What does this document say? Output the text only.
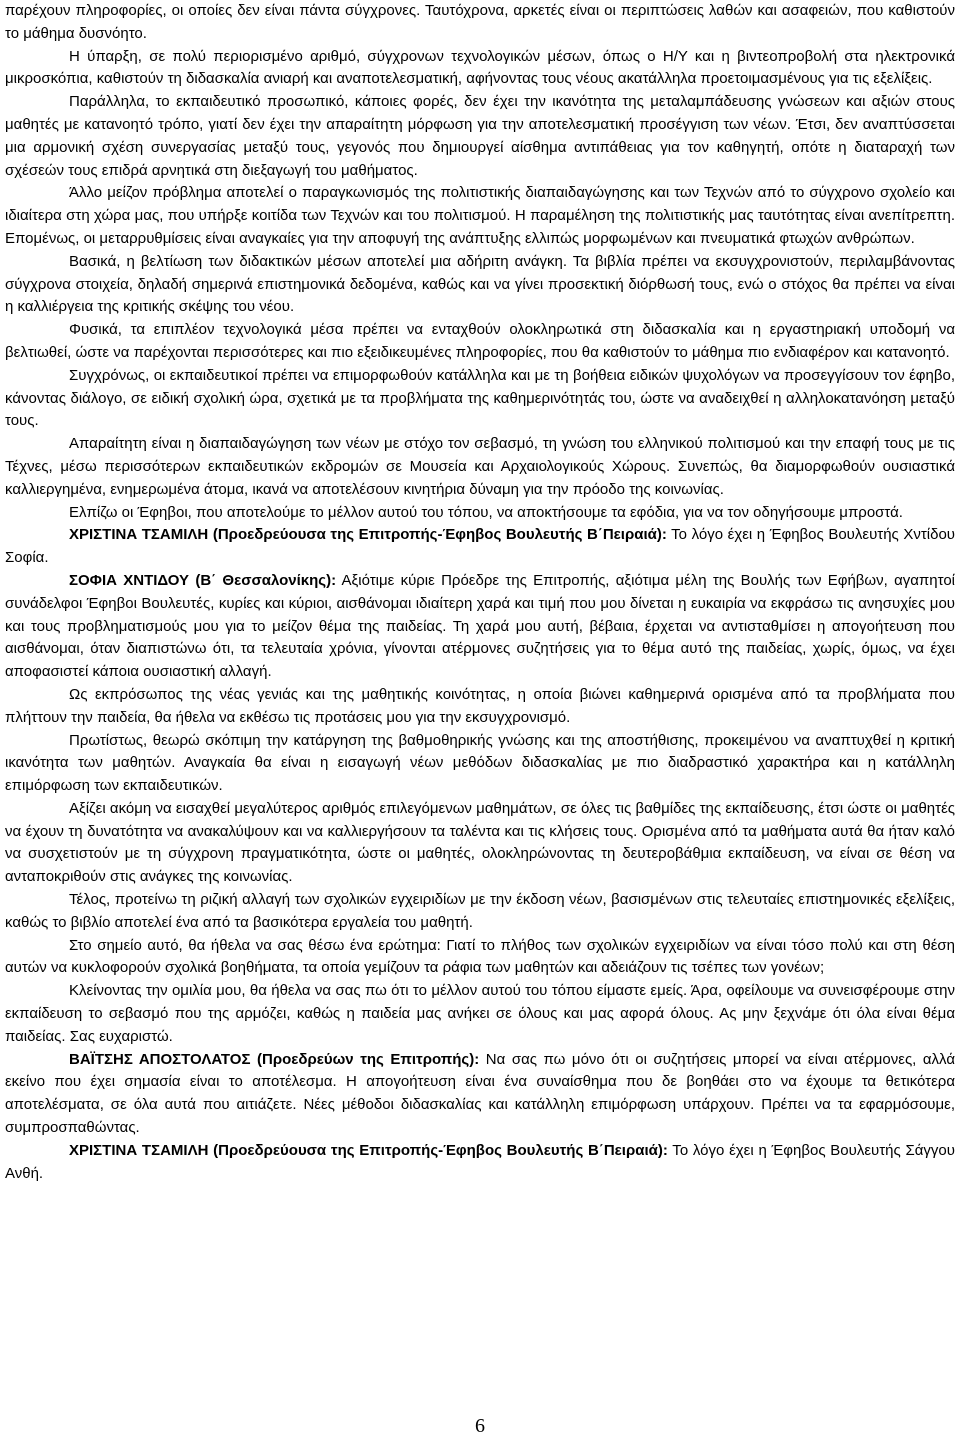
παρέχουν πληροφορίες, οι οποίες δεν είναι πάντα σύγχρονες. Ταυτόχρονα, αρκετές είναι οι περιπτώσεις λαθών και ασαφειών, που καθιστούν το μάθημα δυσνόητο.

Η ύπαρξη, σε πολύ περιορισμένο αριθμό, σύγχρονων τεχνολογικών μέσων, όπως ο Η/Υ και η βιντεοπροβολή στα ηλεκτρονικά μικροσκόπια, καθιστούν τη διδασκαλία ανιαρή και αναποτελεσματική, αφήνοντας τους νέους ακατάλληλα προετοιμασμένους για τις εξελίξεις.

Παράλληλα, το εκπαιδευτικό προσωπικό, κάποιες φορές, δεν έχει την ικανότητα της μεταλαμπάδευσης γνώσεων και αξιών στους μαθητές με κατανοητό τρόπο, γιατί δεν έχει την απαραίτητη μόρφωση για την αποτελεσματική προσέγγιση των νέων. Έτσι, δεν αναπτύσσεται μια αρμονική σχέση συνεργασίας μεταξύ τους, γεγονός που δημιουργεί αίσθημα αντιπάθειας για τον καθηγητή, οπότε η διαταραχή των σχέσεών τους επιδρά αρνητικά στη διεξαγωγή του μαθήματος.

Άλλο μείζον πρόβλημα αποτελεί ο παραγκωνισμός της πολιτιστικής διαπαιδαγώγησης και των Τεχνών από το σύγχρονο σχολείο και ιδιαίτερα στη χώρα μας, που υπήρξε κοιτίδα των Τεχνών και του πολιτισμού. Η παραμέληση της πολιτιστικής μας ταυτότητας είναι ανεπίτρεπτη. Επομένως, οι μεταρρυθμίσεις είναι αναγκαίες για την αποφυγή της ανάπτυξης ελλιπώς μορφωμένων και πνευματικά φτωχών ανθρώπων.

Βασικά, η βελτίωση των διδακτικών μέσων αποτελεί μια αδήριτη ανάγκη. Τα βιβλία πρέπει να εκσυγχρονιστούν, περιλαμβάνοντας σύγχρονα στοιχεία, δηλαδή σημερινά επιστημονικά δεδομένα, καθώς και να γίνει προσεκτική διόρθωσή τους, ενώ ο στόχος θα πρέπει να είναι η καλλιέργεια της κριτικής σκέψης του νέου.

Φυσικά, τα επιπλέον τεχνολογικά μέσα πρέπει να ενταχθούν ολοκληρωτικά στη διδασκαλία και η εργαστηριακή υποδομή να βελτιωθεί, ώστε να παρέχονται περισσότερες και πιο εξειδικευμένες πληροφορίες, που θα καθιστούν το μάθημα πιο ενδιαφέρον και κατανοητό.

Συγχρόνως, οι εκπαιδευτικοί πρέπει να επιμορφωθούν κατάλληλα και με τη βοήθεια ειδικών ψυχολόγων να προσεγγίσουν τον έφηβο, κάνοντας διάλογο, σε ειδική σχολική ώρα, σχετικά με τα προβλήματα της καθημερινότητάς του, ώστε να αναδειχθεί η αλληλοκατανόηση μεταξύ τους.

Απαραίτητη είναι η διαπαιδαγώγηση των νέων με στόχο τον σεβασμό, τη γνώση του ελληνικού πολιτισμού και την επαφή τους με τις Τέχνες, μέσω περισσότερων εκπαιδευτικών εκδρομών σε Μουσεία και Αρχαιολογικούς Χώρους. Συνεπώς, θα διαμορφωθούν ουσιαστικά καλλιεργημένα, ενημερωμένα άτομα, ικανά να αποτελέσουν κινητήρια δύναμη για την πρόοδο της κοινωνίας.

Ελπίζω οι Έφηβοι, που αποτελούμε το μέλλον αυτού του τόπου, να αποκτήσουμε τα εφόδια, για να τον οδηγήσουμε μπροστά.

ΧΡΙΣΤΙΝΑ ΤΣΑΜΙΛΗ (Προεδρεύουσα της Επιτροπής-Έφηβος Βουλευτής Β΄Πειραιά): Το λόγο έχει η Έφηβος Βουλευτής Χντίδου Σοφία.

ΣΟΦΙΑ ΧΝΤΙΔΟΥ (Β΄ Θεσσαλονίκης): Αξιότιμε κύριε Πρόεδρε της Επιτροπής, αξιότιμα μέλη της Βουλής των Εφήβων, αγαπητοί συνάδελφοι Έφηβοι Βουλευτές, κυρίες και κύριοι, αισθάνομαι ιδιαίτερη χαρά και τιμή που μου δίνεται η ευκαιρία να εκφράσω τις ανησυχίες μου και τους προβληματισμούς μου για το μείζον θέμα της παιδείας. Τη χαρά μου αυτή, βέβαια, έρχεται να αντισταθμίσει η απογοήτευση που αισθάνομαι, όταν διαπιστώνω ότι, τα τελευταία χρόνια, γίνονται ατέρμονες συζητήσεις για το θέμα αυτό της παιδείας, χωρίς, όμως, να έχει αποφασιστεί κάποια ουσιαστική αλλαγή.

Ως εκπρόσωπος της νέας γενιάς και της μαθητικής κοινότητας, η οποία βιώνει καθημερινά ορισμένα από τα προβλήματα που πλήττουν την παιδεία, θα ήθελα να εκθέσω τις προτάσεις μου για την εκσυγχρονισμό.

Πρωτίστως, θεωρώ σκόπιμη την κατάργηση της βαθμοθηρικής γνώσης και της αποστήθισης, προκειμένου να αναπτυχθεί η κριτική ικανότητα των μαθητών. Αναγκαία θα είναι η εισαγωγή νέων μεθόδων διδασκαλίας με πιο διαδραστικό χαρακτήρα και η κατάλληλη επιμόρφωση των εκπαιδευτικών.

Αξίζει ακόμη να εισαχθεί μεγαλύτερος αριθμός επιλεγόμενων μαθημάτων, σε όλες τις βαθμίδες της εκπαίδευσης, έτσι ώστε οι μαθητές να έχουν τη δυνατότητα να ανακαλύψουν και να καλλιεργήσουν τα ταλέντα και τις κλήσεις τους. Ορισμένα από τα μαθήματα αυτά θα ήταν καλό να συσχετιστούν με τη σύγχρονη πραγματικότητα, ώστε οι μαθητές, ολοκληρώνοντας τη δευτεροβάθμια εκπαίδευση, να είναι σε θέση να ανταποκριθούν στις ανάγκες της κοινωνίας.

Τέλος, προτείνω τη ριζική αλλαγή των σχολικών εγχειριδίων με την έκδοση νέων, βασισμένων στις τελευταίες επιστημονικές εξελίξεις, καθώς το βιβλίο αποτελεί ένα από τα βασικότερα εργαλεία του μαθητή.

Στο σημείο αυτό, θα ήθελα να σας θέσω ένα ερώτημα: Γιατί το πλήθος των σχολικών εγχειριδίων να είναι τόσο πολύ και στη θέση αυτών να κυκλοφορούν σχολικά βοηθήματα, τα οποία γεμίζουν τα ράφια των μαθητών και αδειάζουν τις τσέπες των γονέων;

Κλείνοντας την ομιλία μου, θα ήθελα να σας πω ότι το μέλλον αυτού του τόπου είμαστε εμείς. Άρα, οφείλουμε να συνεισφέρουμε στην εκπαίδευση το σεβασμό που της αρμόζει, καθώς η παιδεία μας ανήκει σε όλους και μας αφορά όλους. Ας μην ξεχνάμε ότι όλα είναι θέμα παιδείας. Σας ευχαριστώ.

ΒΑΪΤΣΗΣ ΑΠΟΣΤΟΛΑΤΟΣ (Προεδρεύων της Επιτροπής): Να σας πω μόνο ότι οι συζητήσεις μπορεί να είναι ατέρμονες, αλλά εκείνο που έχει σημασία είναι το αποτέλεσμα. Η απογοήτευση είναι ένα συναίσθημα που δε βοηθάει στο να έχουμε τα θετικότερα αποτελέσματα, σε όλα αυτά που αιτιάζετε. Νέες μέθοδοι διδασκαλίας και κατάλληλη επιμόρφωση υπάρχουν. Πρέπει να τα εφαρμόσουμε, συμπροσπαθώντας.

ΧΡΙΣΤΙΝΑ ΤΣΑΜΙΛΗ (Προεδρεύουσα της Επιτροπής-Έφηβος Βουλευτής Β΄Πειραιά): Το λόγο έχει η Έφηβος Βουλευτής Σάγγου Ανθή.

6
